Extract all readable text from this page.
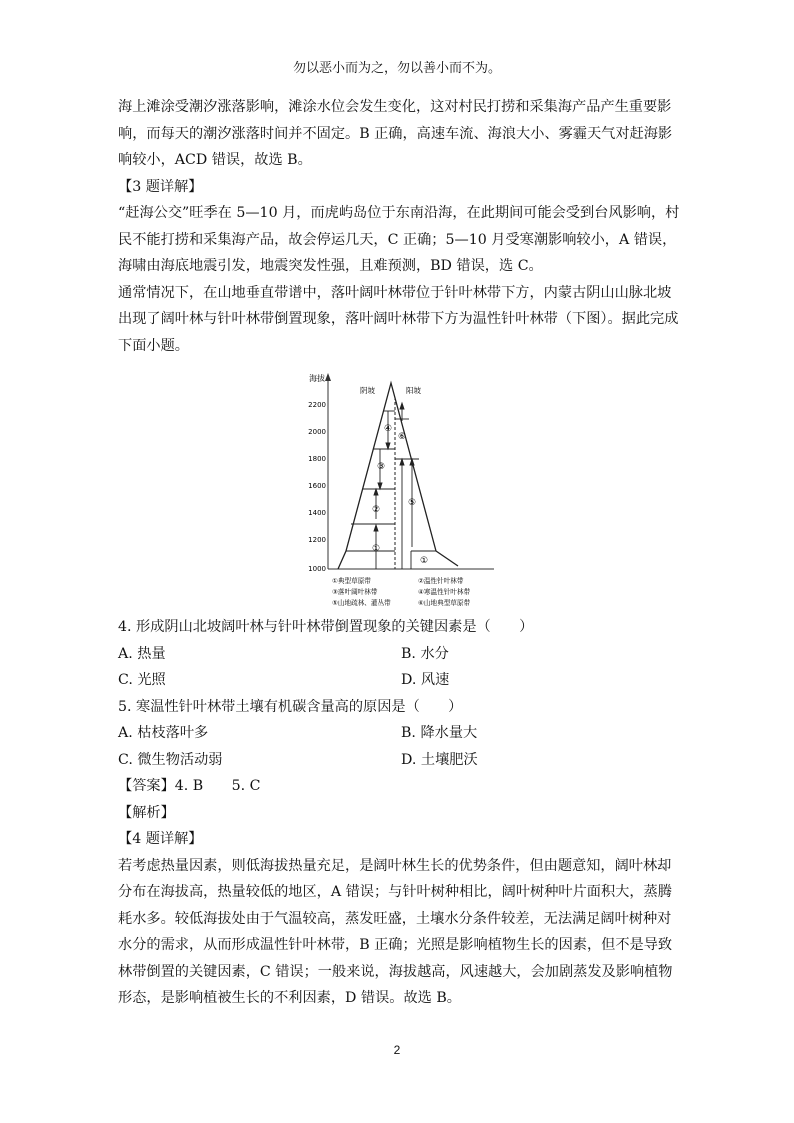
勿以恶小而为之，勿以善小而不为。

海上滩涂受潮汐涨落影响，滩涂水位会发生变化，这对村民打捞和采集海产品产生重要影响，而每天的潮汐涨落时间并不固定。B 正确，高速车流、海浪大小、雾霾天气对赶海影响较小，ACD 错误，故选 B。

【3 题详解】

“赶海公交”旺季在 5—10 月，而虎屿岛位于东南沿海，在此期间可能会受到台风影响，村民不能打捞和采集海产品，故会停运几天，C 正确；5—10 月受寒潮影响较小，A 错误，海啸由海底地震引发，地震突发性强，且难预测，BD 错误，选 C。

通常情况下，在山地垂直带谱中，落叶阔叶林带位于针叶林带下方，内蒙古阴山山脉北坡出现了阔叶林与针叶林带倒置现象，落叶阔叶林带下方为温性针叶林带（下图）。据此完成下面小题。

海拔
阴坡	阳坡
2200
2000
1800
1600
1400
1200
1000
①
①
②
③
④
⑤
⑥
①典型草原带	②温性针叶林带
③落叶阔叶林带	④寒温性针叶林带
⑤山地疏林、灌丛带	⑥山地典型草原带

4. 形成阴山北坡阔叶林与针叶林带倒置现象的关键因素是（　　）

A. 热量	B. 水分
C. 光照	D. 风速

5. 寒温性针叶林带土壤有机碳含量高的原因是（　　）

A. 枯枝落叶多	B. 降水量大
C. 微生物活动弱	D. 土壤肥沃

【答案】4. B　　5. C

【解析】

【4 题详解】

若考虑热量因素，则低海拔热量充足，是阔叶林生长的优势条件，但由题意知，阔叶林却分布在海拔高，热量较低的地区，A 错误；与针叶树种相比，阔叶树种叶片面积大，蒸腾耗水多。较低海拔处由于气温较高，蒸发旺盛，土壤水分条件较差，无法满足阔叶树种对水分的需求，从而形成温性针叶林带，B 正确；光照是影响植物生长的因素，但不是导致林带倒置的关键因素，C 错误；一般来说，海拔越高，风速越大，会加剧蒸发及影响植物形态，是影响植被生长的不利因素，D 错误。故选 B。

2
